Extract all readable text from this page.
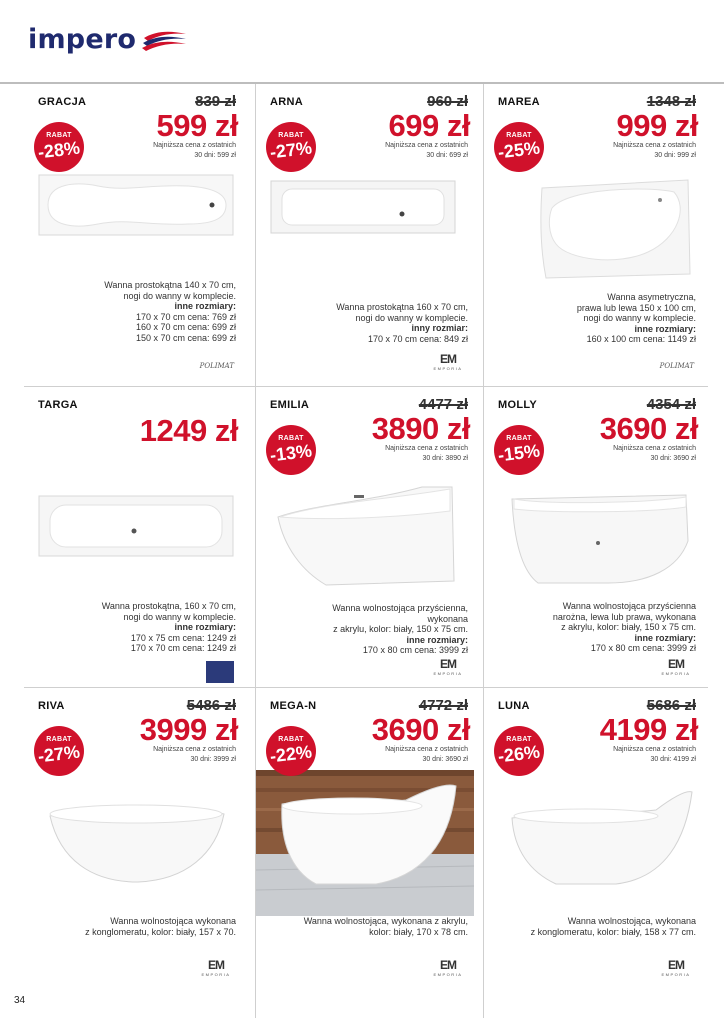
impero
GRACJA	839 zł
599 zł
Najniższa cena z ostatnich
30 dni: 599 zł
RABAT
-28%
Wanna prostokątna 140 x 70 cm,
nogi do wanny w komplecie.
inne rozmiary:
170 x 70 cm cena: 769 zł
160 x 70 cm cena: 699 zł
150 x 70 cm cena: 699 zł
POLIMAT
ARNA	960 zł
699 zł
Najniższa cena z ostatnich
30 dni: 699 zł
RABAT
-27%
Wanna prostokątna 160 x 70 cm,
nogi do wanny w komplecie.
inny rozmiar:
170 x 70 cm cena: 849 zł
EM
EMPORIA
MAREA	1348 zł
999 zł
Najniższa cena z ostatnich
30 dni: 999 zł
RABAT
-25%
Wanna asymetryczna,
prawa lub lewa 150 x 100 cm,
nogi do wanny w komplecie.
inne rozmiary:
160 x 100 cm cena: 1149 zł
POLIMAT
TARGA
1249 zł
Wanna prostokątna, 160 x 70 cm,
nogi do wanny w komplecie.
inne rozmiary:
170 x 75 cm cena: 1249 zł
170 x 70 cm cena: 1249 zł
EMILIA	4477 zł
3890 zł
Najniższa cena z ostatnich
30 dni: 3890 zł
RABAT
-13%
Wanna wolnostojąca przyścienna,
wykonana
z akrylu, kolor: biały, 150 x 75 cm.
inne rozmiary:
170 x 80 cm cena: 3999 zł
EM
EMPORIA
MOLLY	4354 zł
3690 zł
Najniższa cena z ostatnich
30 dni: 3690 zł
RABAT
-15%
Wanna wolnostojąca przyścienna
narożna, lewa lub prawa, wykonana
z akrylu, kolor: biały, 150 x 75 cm.
inne rozmiary:
170 x 80 cm cena: 3999 zł
EM
EMPORIA
RIVA	5486 zł
3999 zł
Najniższa cena z ostatnich
30 dni: 3999 zł
RABAT
-27%
Wanna wolnostojąca wykonana
z konglomeratu, kolor: biały, 157 x 70.
EM
EMPORIA
MEGA-N	4772 zł
3690 zł
Najniższa cena z ostatnich
30 dni: 3690 zł
RABAT
-22%
Wanna wolnostojąca, wykonana z akrylu,
kolor: biały, 170 x 78 cm.
EM
EMPORIA
LUNA	5686 zł
4199 zł
Najniższa cena z ostatnich
30 dni: 4199 zł
RABAT
-26%
Wanna wolnostojąca, wykonana
z konglomeratu, kolor: biały, 158 x 77 cm.
EM
EMPORIA
34
